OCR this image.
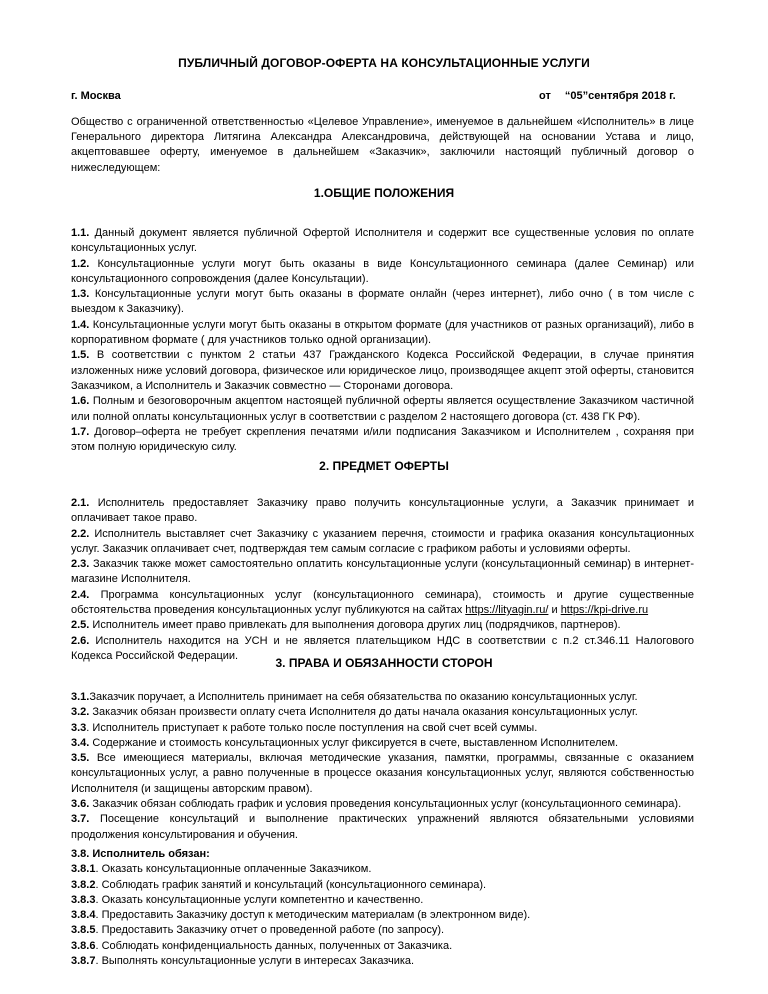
ПУБЛИЧНЫЙ ДОГОВОР-ОФЕРТА НА КОНСУЛЬТАЦИОННЫЕ УСЛУГИ
г. Москва	от “05”сентября 2018 г.
Общество с ограниченной ответственностью «Целевое Управление», именуемое в дальнейшем «Исполнитель» в лице Генерального директора Литягина Александра Александровича, действующей на основании Устава и лицо, акцептовавшее оферту, именуемое в дальнейшем «Заказчик», заключили настоящий публичный договор о нижеследующем:
1.ОБЩИЕ ПОЛОЖЕНИЯ

1.1. Данный документ является публичной Офертой Исполнителя и содержит все существенные условия по оплате консультационных услуг.

1.2. Консультационные услуги могут быть оказаны в виде Консультационного семинара (далее Семинар) или консультационного сопровождения (далее Консультации).

1.3. Консультационные услуги могут быть оказаны в формате онлайн (через интернет), либо очно ( в том числе с выездом к Заказчику).

1.4. Консультационные услуги могут быть оказаны в открытом формате (для участников от разных организаций), либо в корпоративном формате ( для участников только одной организации).

1.5. В соответствии с пунктом 2 статьи 437 Гражданского Кодекса Российской Федерации, в случае принятия изложенных ниже условий договора, физическое или юридическое лицо, производящее акцепт этой оферты, становится Заказчиком, а Исполнитель и Заказчик совместно — Сторонами договора.

1.6. Полным и безоговорочным акцептом настоящей публичной оферты является осуществление Заказчиком частичной или полной оплаты консультационных услуг в соответствии с разделом 2 настоящего договора (ст. 438 ГК РФ).

1.7. Договор–оферта не требует скрепления печатями и/или подписания Заказчиком и Исполнителем , сохраняя при этом полную юридическую силу.

2. ПРЕДМЕТ ОФЕРТЫ

2.1. Исполнитель предоставляет Заказчику право получить консультационные услуги, а Заказчик принимает и оплачивает такое право.

2.2. Исполнитель выставляет счет Заказчику с указанием перечня, стоимости и графика оказания консультационных услуг. Заказчик оплачивает счет, подтверждая тем самым согласие с графиком работы и условиями оферты.

2.3. Заказчик также может самостоятельно оплатить консультационные услуги (консультационный семинар) в интернет-магазине Исполнителя.

2.4. Программа консультационных услуг (консультационного семинара), стоимость и другие существенные обстоятельства проведения консультационных услуг публикуются на сайтах https://lityagin.ru/ и https://kpi-drive.ru

2.5. Исполнитель имеет право привлекать для выполнения договора других лиц (подрядчиков, партнеров).

2.6. Исполнитель находится на УСН и не является плательщиком НДС в соответствии с п.2 ст.346.11 Налогового Кодекса Российской Федерации.

3. ПРАВА И ОБЯЗАННОСТИ СТОРОН

3.1.Заказчик поручает, а Исполнитель принимает на себя обязательства по оказанию консультационных услуг.

3.2. Заказчик обязан произвести оплату счета Исполнителя до даты начала оказания консультационных услуг.

3.3. Исполнитель приступает к работе только после поступления на свой счет всей суммы.

3.4. Содержание и стоимость консультационных услуг фиксируется в счете, выставленном Исполнителем.

3.5. Все имеющиеся материалы, включая методические указания, памятки, программы, связанные с оказанием консультационных услуг, а равно полученные в процессе оказания консультационных услуг, являются собственностью Исполнителя (и защищены авторским правом).

3.6. Заказчик обязан соблюдать график и условия проведения консультационных услуг (консультационного семинара).

3.7. Посещение консультаций и выполнение практических упражнений являются обязательными условиями продолжения консультирования и обучения.

3.8. Исполнитель обязан:

3.8.1. Оказать консультационные оплаченные Заказчиком.

3.8.2. Соблюдать график занятий и консультаций (консультационного семинара).

3.8.3. Оказать консультационные услуги компетентно и качественно.

3.8.4. Предоставить Заказчику доступ к методическим материалам (в электронном виде).

3.8.5. Предоставить Заказчику отчет о проведенной работе (по запросу).

3.8.6. Соблюдать конфиденциальность данных, полученных от Заказчика.

3.8.7. Выполнять консультационные услуги в интересах Заказчика.
